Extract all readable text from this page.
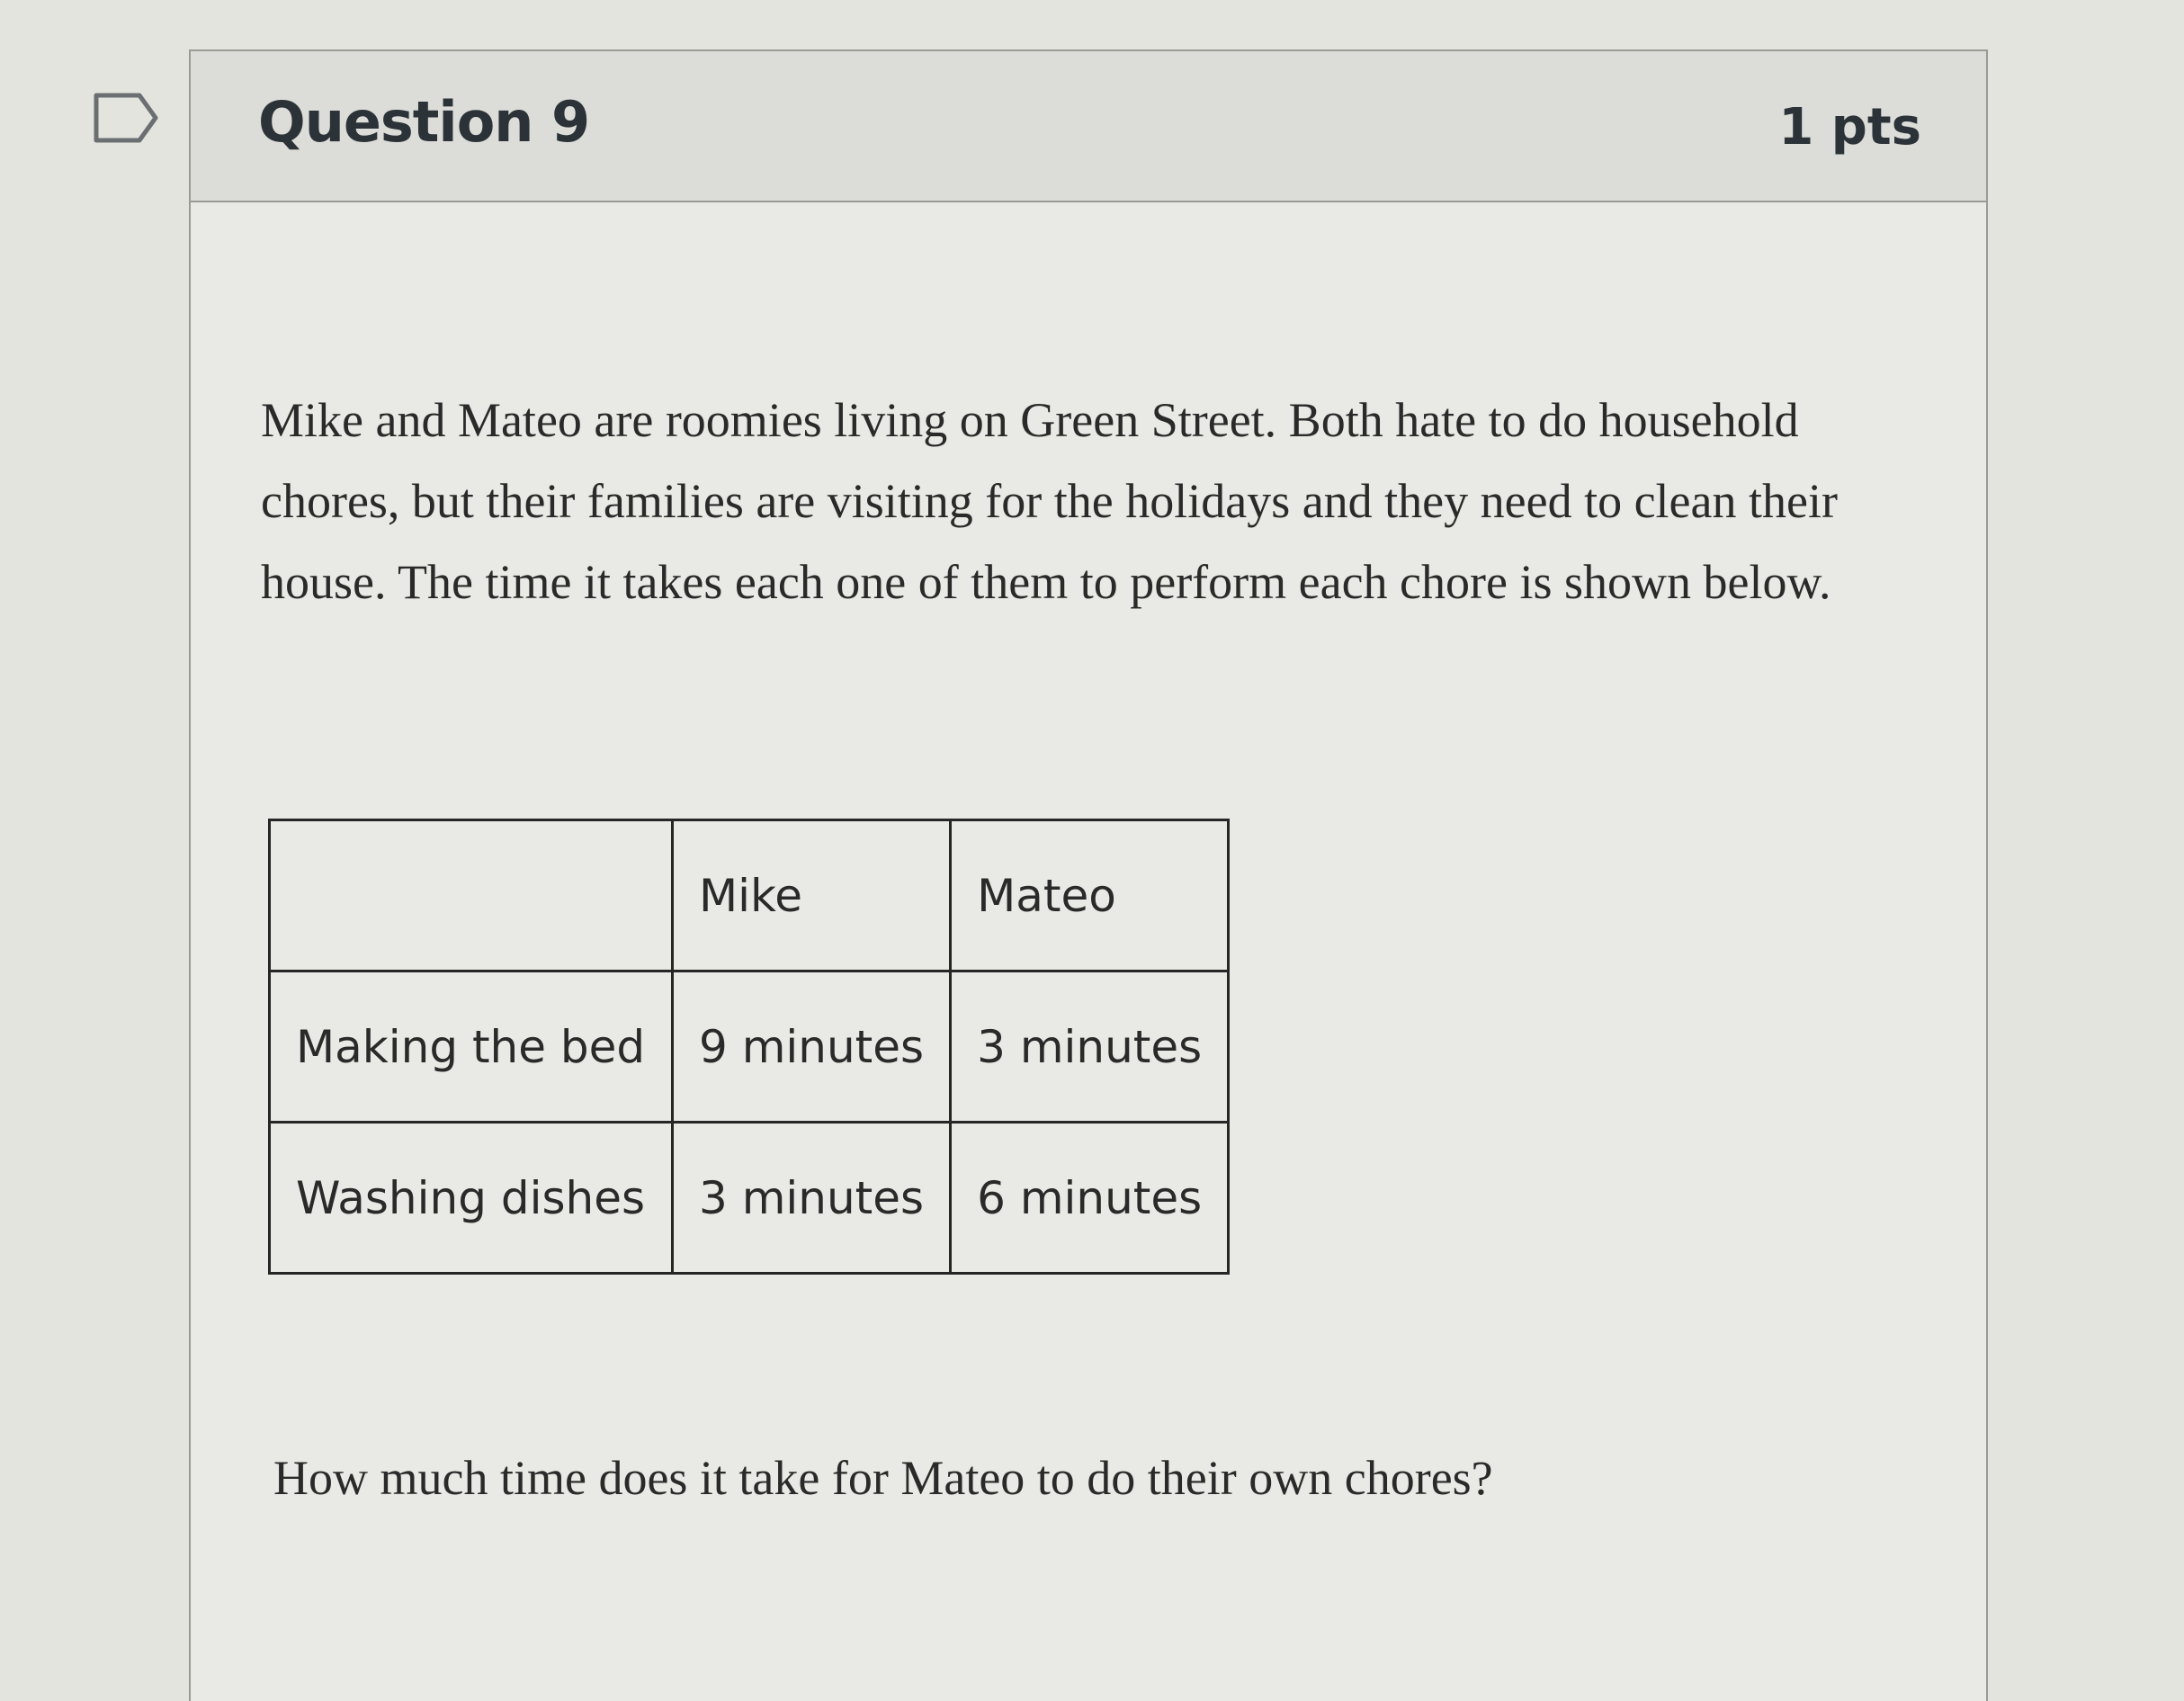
Question 9	1 pts

Mike and Mateo are roomies living on Green Street. Both hate to do household chores, but their families are visiting for the holidays and they need to clean their house. The time it takes each one of them to perform each chore is shown below.

	Mike	Mateo
Making the bed	9 minutes	3 minutes
Washing dishes	3 minutes	6 minutes

How much time does it take for Mateo to do their own chores?
